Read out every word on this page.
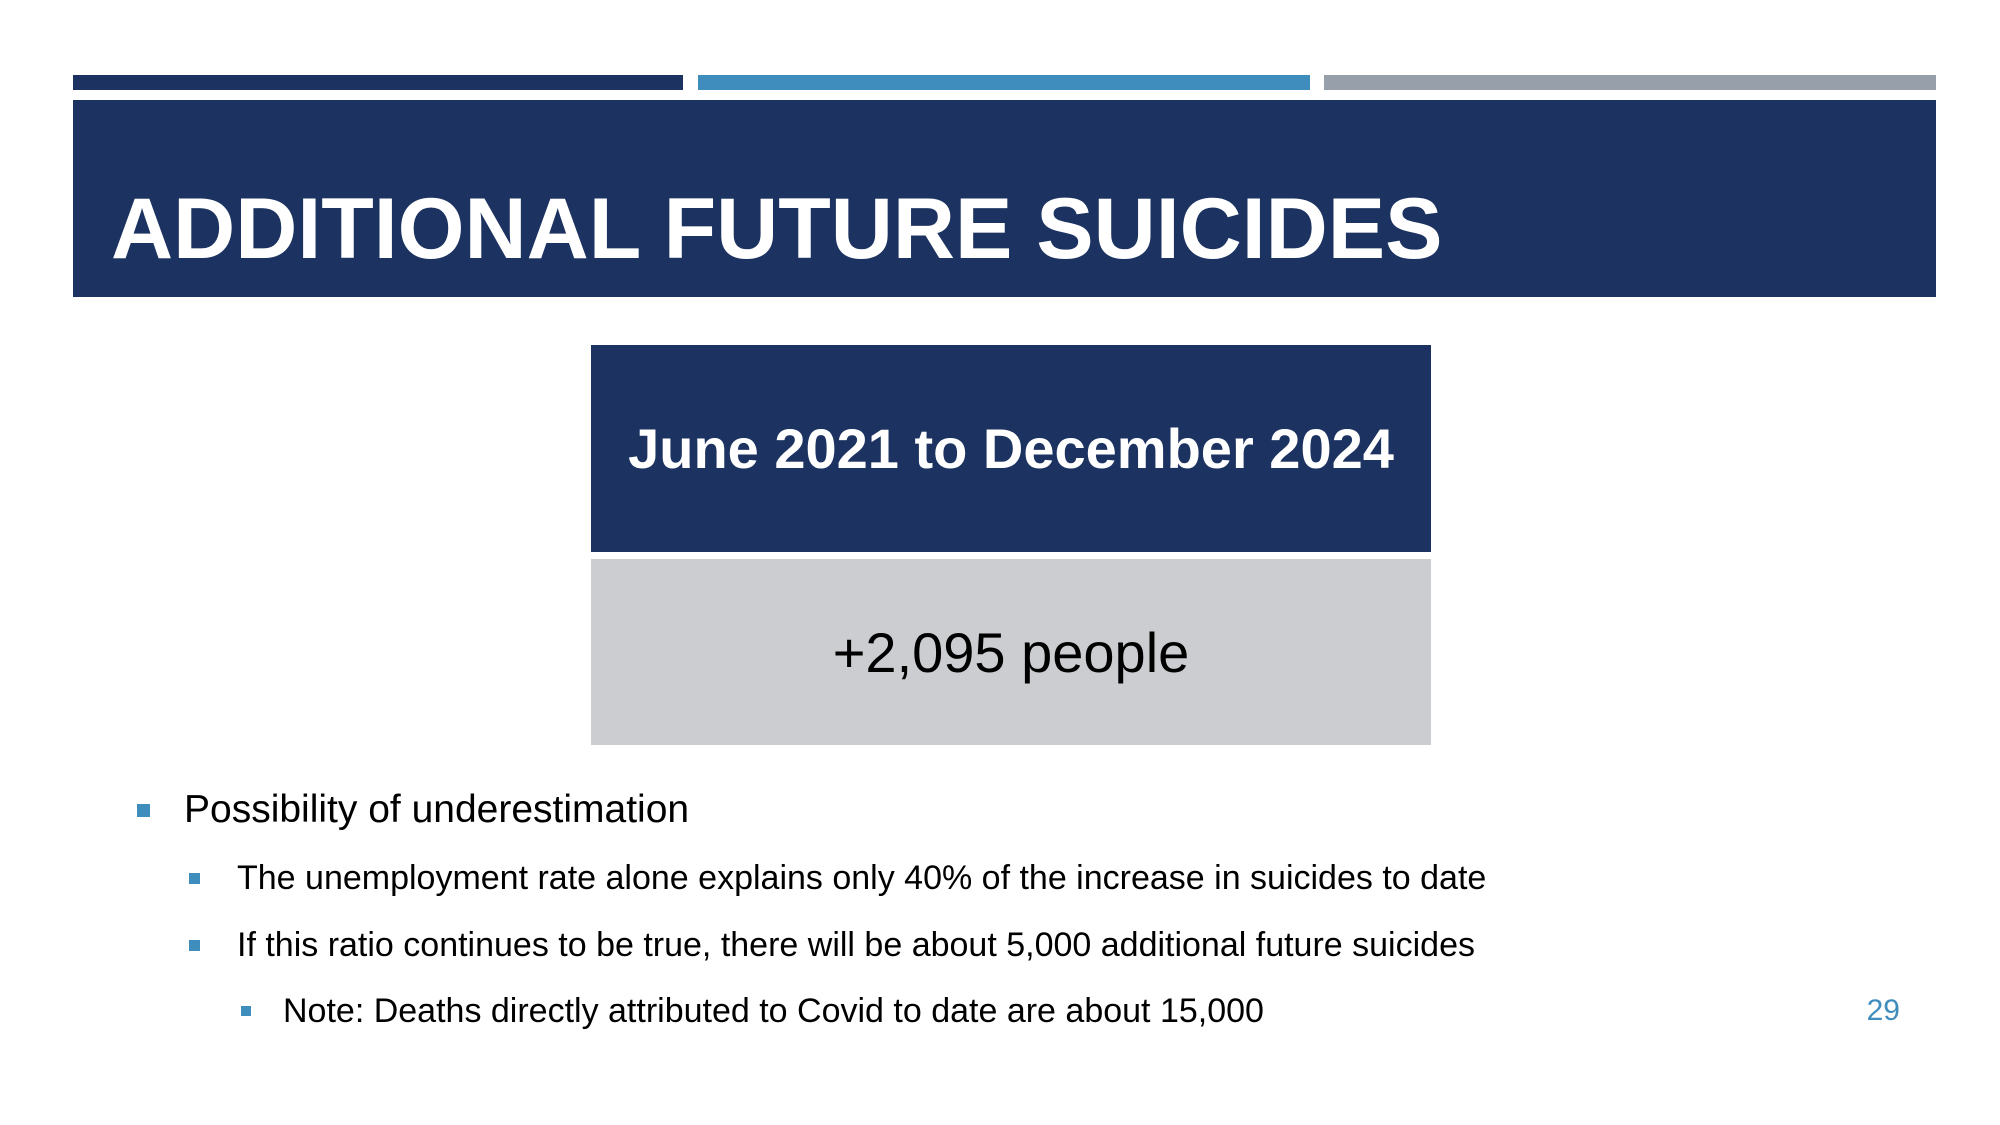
ADDITIONAL FUTURE SUICIDES
June 2021 to December 2024
+2,095 people
Possibility of underestimation
The unemployment rate alone explains only 40% of the increase in suicides to date
If this ratio continues to be true, there will be about 5,000 additional future suicides
Note: Deaths directly attributed to Covid to date are about 15,000	29
